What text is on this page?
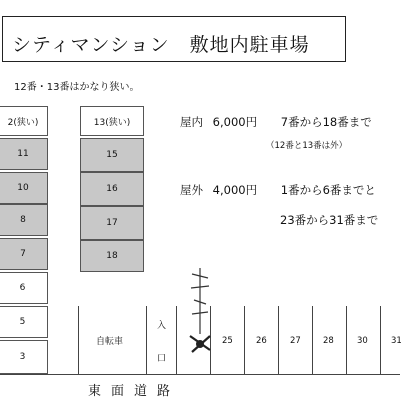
シティマンション　敷地内駐車場
12番・13番はかなり狭い。
2(狭い)
11
10
8
7
6
5
3
13(狭い)
15
16
17
18
屋内 6,000円 7番から18番まで
（12番と13番は外）
屋外 4,000円 1番から6番までと
23番から31番まで
自転車
入
口
25	26	27	28	30	31
東面道路
